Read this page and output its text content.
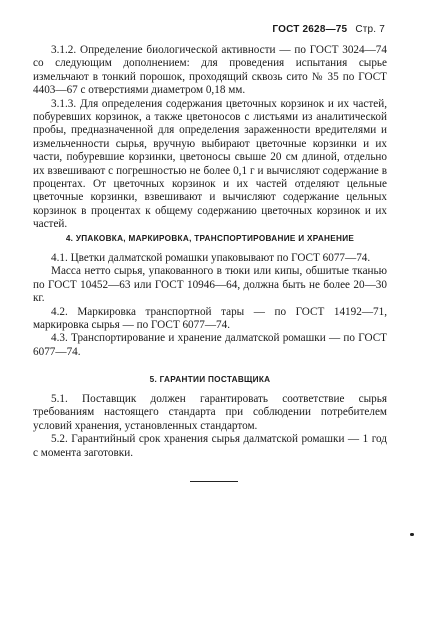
ГОСТ 2628—75 Стр. 7

3.1.2. Определение биологической активности — по ГОСТ 3024—74 со следующим дополнением: для проведения испытания сырье измельчают в тонкий порошок, проходящий сквозь сито № 35 по ГОСТ 4403—67 с отверстиями диаметром 0,18 мм.

3.1.3. Для определения содержания цветочных корзинок и их частей, побуревших корзинок, а также цветоносов с листьями из аналитической пробы, предназначенной для определения зараженности вредителями и измельченности сырья, вручную выбирают цветочные корзинки и их части, побуревшие корзинки, цветоносы свыше 20 см длиной, отдельно их взвешивают с погрешностью не более 0,1 г и вычисляют содержание в процентах. От цветочных корзинок и их частей отделяют цельные цветочные корзинки, взвешивают и вычисляют содержание цельных корзинок в процентах к общему содержанию цветочных корзинок и их частей.

4. УПАКОВКА, МАРКИРОВКА, ТРАНСПОРТИРОВАНИЕ И ХРАНЕНИЕ

4.1. Цветки далматской ромашки упаковывают по ГОСТ 6077—74.

Масса нетто сырья, упакованного в тюки или кипы, обшитые тканью по ГОСТ 10452—63 или ГОСТ 10946—64, должна быть не более 20—30 кг.

4.2. Маркировка транспортной тары — по ГОСТ 14192—71, маркировка сырья — по ГОСТ 6077—74.

4.3. Транспортирование и хранение далматской ромашки — по ГОСТ 6077—74.

5. ГАРАНТИИ ПОСТАВЩИКА

5.1. Поставщик должен гарантировать соответствие сырья требованиям настоящего стандарта при соблюдении потребителем условий хранения, установленных стандартом.

5.2. Гарантийный срок хранения сырья далматской ромашки — 1 год с момента заготовки.
